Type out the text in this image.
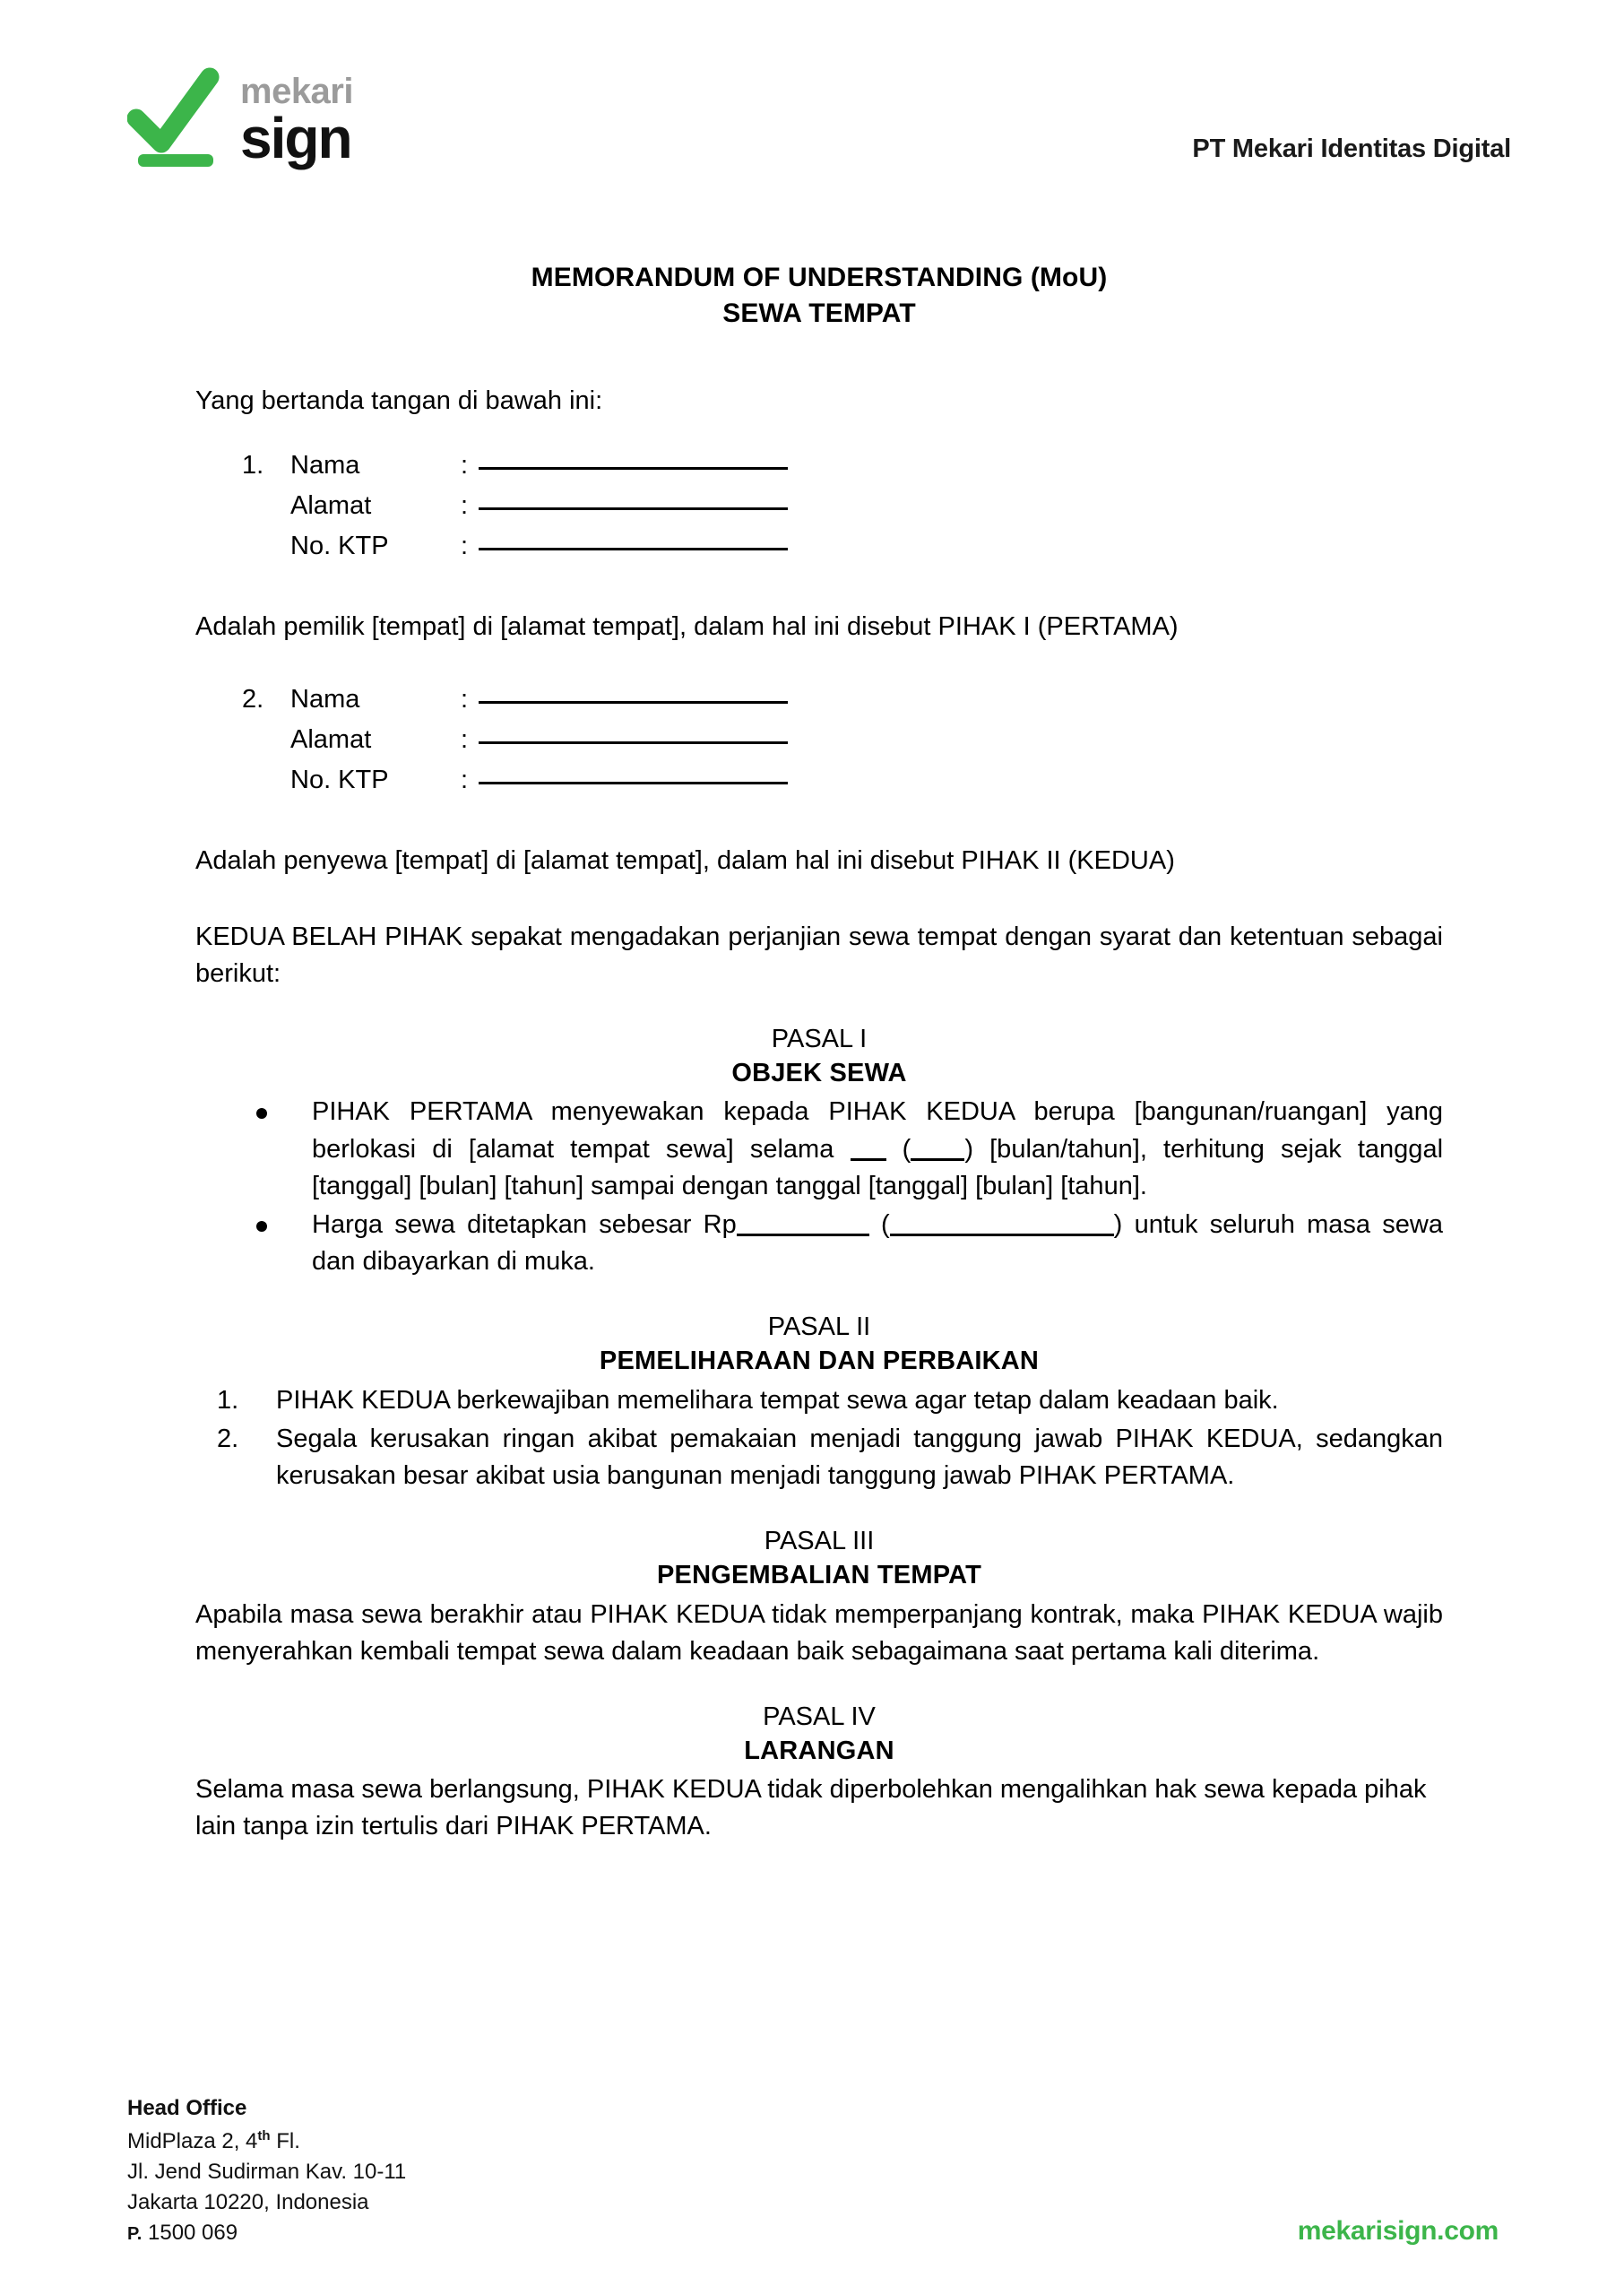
mekari
sign	PT Mekari Identitas Digital
MEMORANDUM OF UNDERSTANDING (MoU)
SEWA TEMPAT
Yang bertanda tangan di bawah ini:
1.	Nama	:
Alamat	:
No. KTP	:
Adalah pemilik [tempat] di [alamat tempat], dalam hal ini disebut PIHAK I (PERTAMA)
2.	Nama	:
Alamat	:
No. KTP	:
Adalah penyewa [tempat] di [alamat tempat], dalam hal ini disebut PIHAK II (KEDUA)
KEDUA BELAH PIHAK sepakat mengadakan perjanjian sewa tempat dengan syarat dan ketentuan sebagai berikut:
PASAL I
OBJEK SEWA
PIHAK PERTAMA menyewakan kepada PIHAK KEDUA berupa [bangunan/ruangan] yang berlokasi di [alamat tempat sewa] selama	( ) [bulan/tahun], terhitung sejak tanggal [tanggal] [bulan] [tahun] sampai dengan tanggal [tanggal] [bulan] [tahun].
Harga sewa ditetapkan sebesar Rp	(	) untuk seluruh masa sewa dan dibayarkan di muka.
PASAL II
PEMELIHARAAN DAN PERBAIKAN
PIHAK KEDUA berkewajiban memelihara tempat sewa agar tetap dalam keadaan baik.
Segala kerusakan ringan akibat pemakaian menjadi tanggung jawab PIHAK KEDUA, sedangkan kerusakan besar akibat usia bangunan menjadi tanggung jawab PIHAK PERTAMA.
PASAL III
PENGEMBALIAN TEMPAT
Apabila masa sewa berakhir atau PIHAK KEDUA tidak memperpanjang kontrak, maka PIHAK KEDUA wajib menyerahkan kembali tempat sewa dalam keadaan baik sebagaimana saat pertama kali diterima.
PASAL IV
LARANGAN
Selama masa sewa berlangsung, PIHAK KEDUA tidak diperbolehkan mengalihkan hak sewa kepada pihak lain tanpa izin tertulis dari PIHAK PERTAMA.
Head Office
MidPlaza 2, 4th Fl.
Jl. Jend Sudirman Kav. 10-11
Jakarta 10220, Indonesia
P. 1500 069	mekarisign.com
